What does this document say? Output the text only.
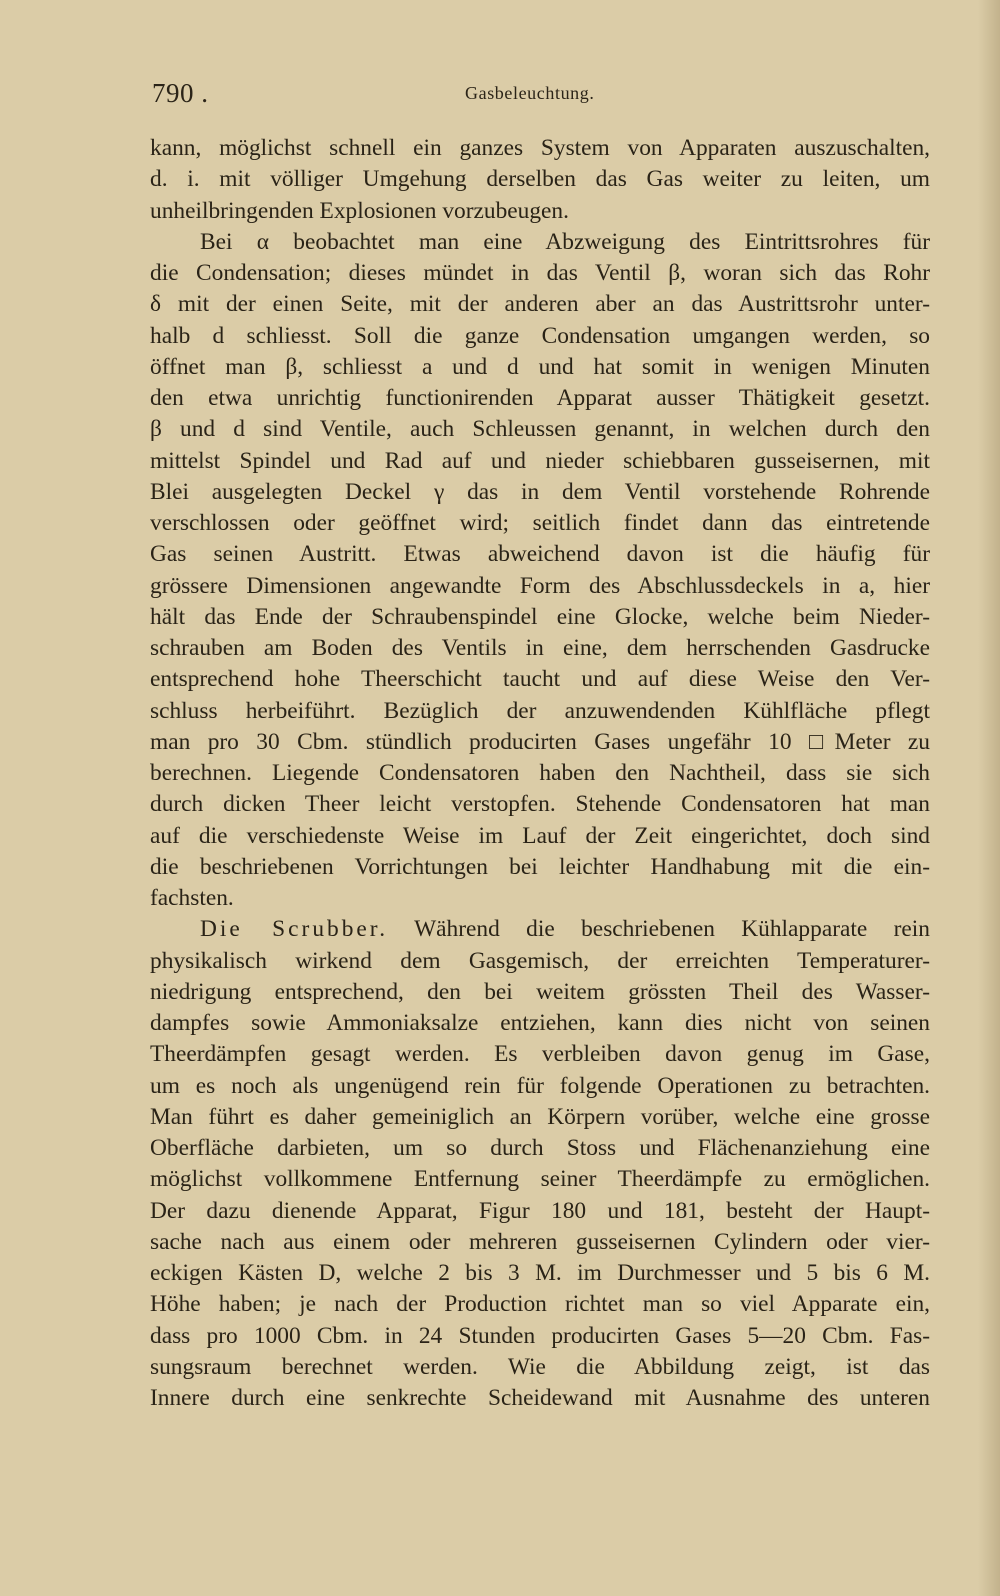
790 .	Gasbeleuchtung.
kann, möglichst schnell ein ganzes System von Apparaten auszuschalten,
d. i. mit völliger Umgehung derselben das Gas weiter zu leiten, um
unheilbringenden Explosionen vorzubeugen.
Bei α beobachtet man eine Abzweigung des Eintrittsrohres für
die Condensation; dieses mündet in das Ventil β, woran sich das Rohr
δ mit der einen Seite, mit der anderen aber an das Austrittsrohr unter-
halb d schliesst. Soll die ganze Condensation umgangen werden, so
öffnet man β, schliesst a und d und hat somit in wenigen Minuten
den etwa unrichtig functionirenden Apparat ausser Thätigkeit gesetzt.
β und d sind Ventile, auch Schleussen genannt, in welchen durch den
mittelst Spindel und Rad auf und nieder schiebbaren gusseisernen, mit
Blei ausgelegten Deckel γ das in dem Ventil vorstehende Rohrende
verschlossen oder geöffnet wird; seitlich findet dann das eintretende
Gas seinen Austritt. Etwas abweichend davon ist die häufig für
grössere Dimensionen angewandte Form des Abschlussdeckels in a, hier
hält das Ende der Schraubenspindel eine Glocke, welche beim Nieder-
schrauben am Boden des Ventils in eine, dem herrschenden Gasdrucke
entsprechend hohe Theerschicht taucht und auf diese Weise den Ver-
schluss herbeiführt. Bezüglich der anzuwendenden Kühlfläche pflegt
man pro 30 Cbm. stündlich producirten Gases ungefähr 10 □Meter zu
berechnen. Liegende Condensatoren haben den Nachtheil, dass sie sich
durch dicken Theer leicht verstopfen. Stehende Condensatoren hat man
auf die verschiedenste Weise im Lauf der Zeit eingerichtet, doch sind
die beschriebenen Vorrichtungen bei leichter Handhabung mit die ein-
fachsten.
Die Scrubber. Während die beschriebenen Kühlapparate rein
physikalisch wirkend dem Gasgemisch, der erreichten Temperaturer-
niedrigung entsprechend, den bei weitem grössten Theil des Wasser-
dampfes sowie Ammoniaksalze entziehen, kann dies nicht von seinen
Theerdämpfen gesagt werden. Es verbleiben davon genug im Gase,
um es noch als ungenügend rein für folgende Operationen zu betrachten.
Man führt es daher gemeiniglich an Körpern vorüber, welche eine grosse
Oberfläche darbieten, um so durch Stoss und Flächenanziehung eine
möglichst vollkommene Entfernung seiner Theerdämpfe zu ermöglichen.
Der dazu dienende Apparat, Figur 180 und 181, besteht der Haupt-
sache nach aus einem oder mehreren gusseisernen Cylindern oder vier-
eckigen Kästen D, welche 2 bis 3 M. im Durchmesser und 5 bis 6 M.
Höhe haben; je nach der Production richtet man so viel Apparate ein,
dass pro 1000 Cbm. in 24 Stunden producirten Gases 5—20 Cbm. Fas-
sungsraum berechnet werden. Wie die Abbildung zeigt, ist das
Innere durch eine senkrechte Scheidewand mit Ausnahme des unteren
